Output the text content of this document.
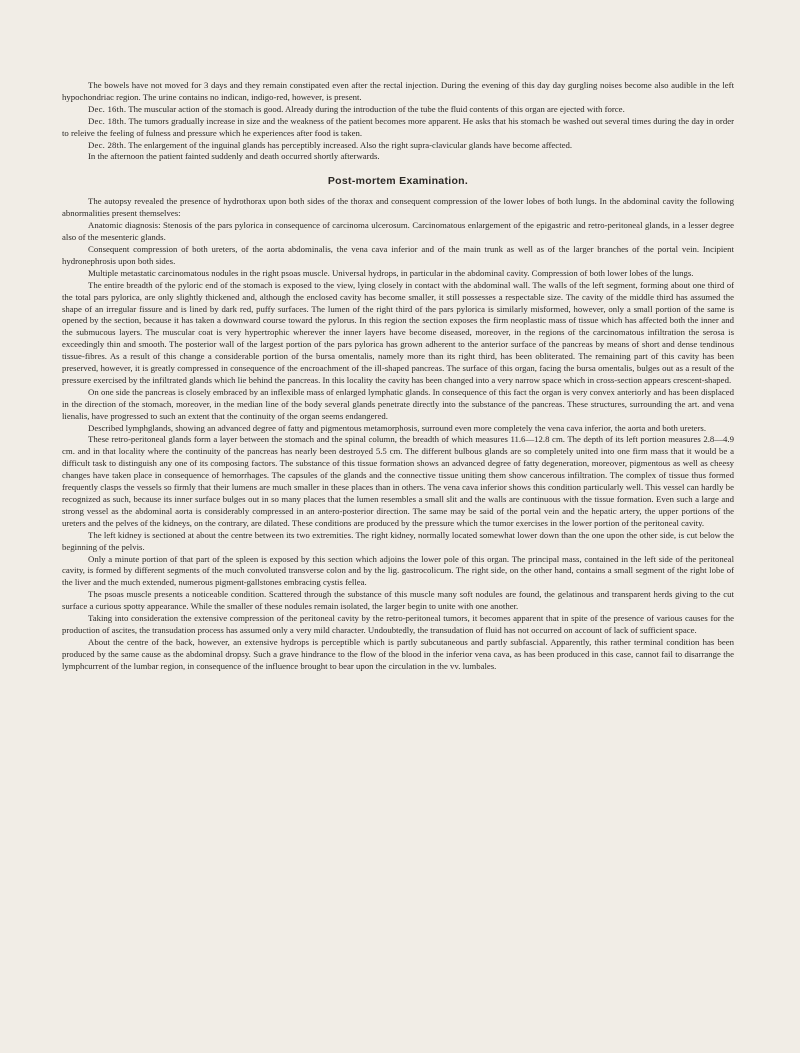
The bowels have not moved for 3 days and they remain constipated even after the rectal injection. During the evening of this day day gurgling noises become also audible in the left hypochondriac region. The urine contains no indican, indigo-red, however, is present.

Dec. 16th. The muscular action of the stomach is good. Already during the introduction of the tube the fluid contents of this organ are ejected with force.

Dec. 18th. The tumors gradually increase in size and the weakness of the patient becomes more apparent. He asks that his stomach be washed out several times during the day in order to releive the feeling of fulness and pressure which he experiences after food is taken.

Dec. 28th. The enlargement of the inguinal glands has perceptibly increased. Also the right supra-clavicular glands have become affected.

In the afternoon the patient fainted suddenly and death occurred shortly afterwards.

Post-mortem Examination.

The autopsy revealed the presence of hydrothorax upon both sides of the thorax and consequent compression of the lower lobes of both lungs. In the abdominal cavity the following abnormalities present themselves:

Anatomic diagnosis: Stenosis of the pars pylorica in consequence of carcinoma ulcerosum. Carcinomatous enlargement of the epigastric and retro-peritoneal glands, in a lesser degree also of the mesenteric glands.

Consequent compression of both ureters, of the aorta abdominalis, the vena cava inferior and of the main trunk as well as of the larger branches of the portal vein. Incipient hydronephrosis upon both sides.

Multiple metastatic carcinomatous nodules in the right psoas muscle. Universal hydrops, in particular in the abdominal cavity. Compression of both lower lobes of the lungs.

The entire breadth of the pyloric end of the stomach is exposed to the view, lying closely in contact with the abdominal wall. The walls of the left segment, forming about one third of the total pars pylorica, are only slightly thickened and, although the enclosed cavity has become smaller, it still possesses a respectable size. The cavity of the middle third has assumed the shape of an irregular fissure and is lined by dark red, puffy surfaces. The lumen of the right third of the pars pylorica is similarly misformed, however, only a small portion of the same is opened by the section, because it has taken a downward course toward the pylorus. In this region the section exposes the firm neoplastic mass of tissue which has affected both the inner and the submucous layers. The muscular coat is very hypertrophic wherever the inner layers have become diseased, moreover, in the regions of the carcinomatous infiltration the serosa is exceedingly thin and smooth. The posterior wall of the largest portion of the pars pylorica has grown adherent to the anterior surface of the pancreas by means of short and dense tendinous tissue-fibres. As a result of this change a considerable portion of the bursa omentalis, namely more than its right third, has been obliterated. The remaining part of this cavity has been preserved, however, it is greatly compressed in consequence of the encroachment of the ill-shaped pancreas. The surface of this organ, facing the bursa omentalis, bulges out as a result of the pressure exercised by the infiltrated glands which lie behind the pancreas. In this locality the cavity has been changed into a very narrow space which in cross-section appears crescent-shaped.

On one side the pancreas is closely embraced by an inflexible mass of enlarged lymphatic glands. In consequence of this fact the organ is very convex anteriorly and has been displaced in the direction of the stomach, moreover, in the median line of the body several glands penetrate directly into the substance of the pancreas. These structures, surrounding the art. and vena lienalis, have progressed to such an extent that the continuity of the organ seems endangered.

Described lymphglands, showing an advanced degree of fatty and pigmentous metamorphosis, surround even more completely the vena cava inferior, the aorta and both ureters.

These retro-peritoneal glands form a layer between the stomach and the spinal column, the breadth of which measures 11.6—12.8 cm. The depth of its left portion measures 2.8—4.9 cm. and in that locality where the continuity of the pancreas has nearly been destroyed 5.5 cm. The different bulbous glands are so completely united into one firm mass that it would be a difficult task to distinguish any one of its composing factors. The substance of this tissue formation shows an advanced degree of fatty degeneration, moreover, pigmentous as well as cheesy changes have taken place in consequence of hemorrhages. The capsules of the glands and the connective tissue uniting them show cancerous infiltration. The complex of tissue thus formed frequently clasps the vessels so firmly that their lumens are much smaller in these places than in others. The vena cava inferior shows this condition particularly well. This vessel can hardly be recognized as such, because its inner surface bulges out in so many places that the lumen resembles a small slit and the walls are continuous with the tissue formation. Even such a large and strong vessel as the abdominal aorta is considerably compressed in an antero-posterior direction. The same may be said of the portal vein and the hepatic artery, the upper portions of the ureters and the pelves of the kidneys, on the contrary, are dilated. These conditions are produced by the pressure which the tumor exercises in the lower portion of the peritoneal cavity.

The left kidney is sectioned at about the centre between its two extremities. The right kidney, normally located somewhat lower down than the one upon the other side, is cut below the beginning of the pelvis.

Only a minute portion of that part of the spleen is exposed by this section which adjoins the lower pole of this organ. The principal mass, contained in the left side of the peritoneal cavity, is formed by different segments of the much convoluted transverse colon and by the lig. gastrocolicum. The right side, on the other hand, contains a small segment of the right lobe of the liver and the much extended, numerous pigment-gallstones embracing cystis fellea.

The psoas muscle presents a noticeable condition. Scattered through the substance of this muscle many soft nodules are found, the gelatinous and transparent herds giving to the cut surface a curious spotty appearance. While the smaller of these nodules remain isolated, the larger begin to unite with one another.

Taking into consideration the extensive compression of the peritoneal cavity by the retro-peritoneal tumors, it becomes apparent that in spite of the presence of various causes for the production of ascites, the transudation process has assumed only a very mild character. Undoubtedly, the transudation of fluid has not occurred on account of lack of sufficient space.

About the centre of the back, however, an extensive hydrops is perceptible which is partly subcutaneous and partly subfascial. Apparently, this rather terminal condition has been produced by the same cause as the abdominal dropsy. Such a grave hindrance to the flow of the blood in the inferior vena cava, as has been produced in this case, cannot fail to disarrange the lymphcurrent of the lumbar region, in consequence of the influence brought to bear upon the circulation in the vv. lumbales.
